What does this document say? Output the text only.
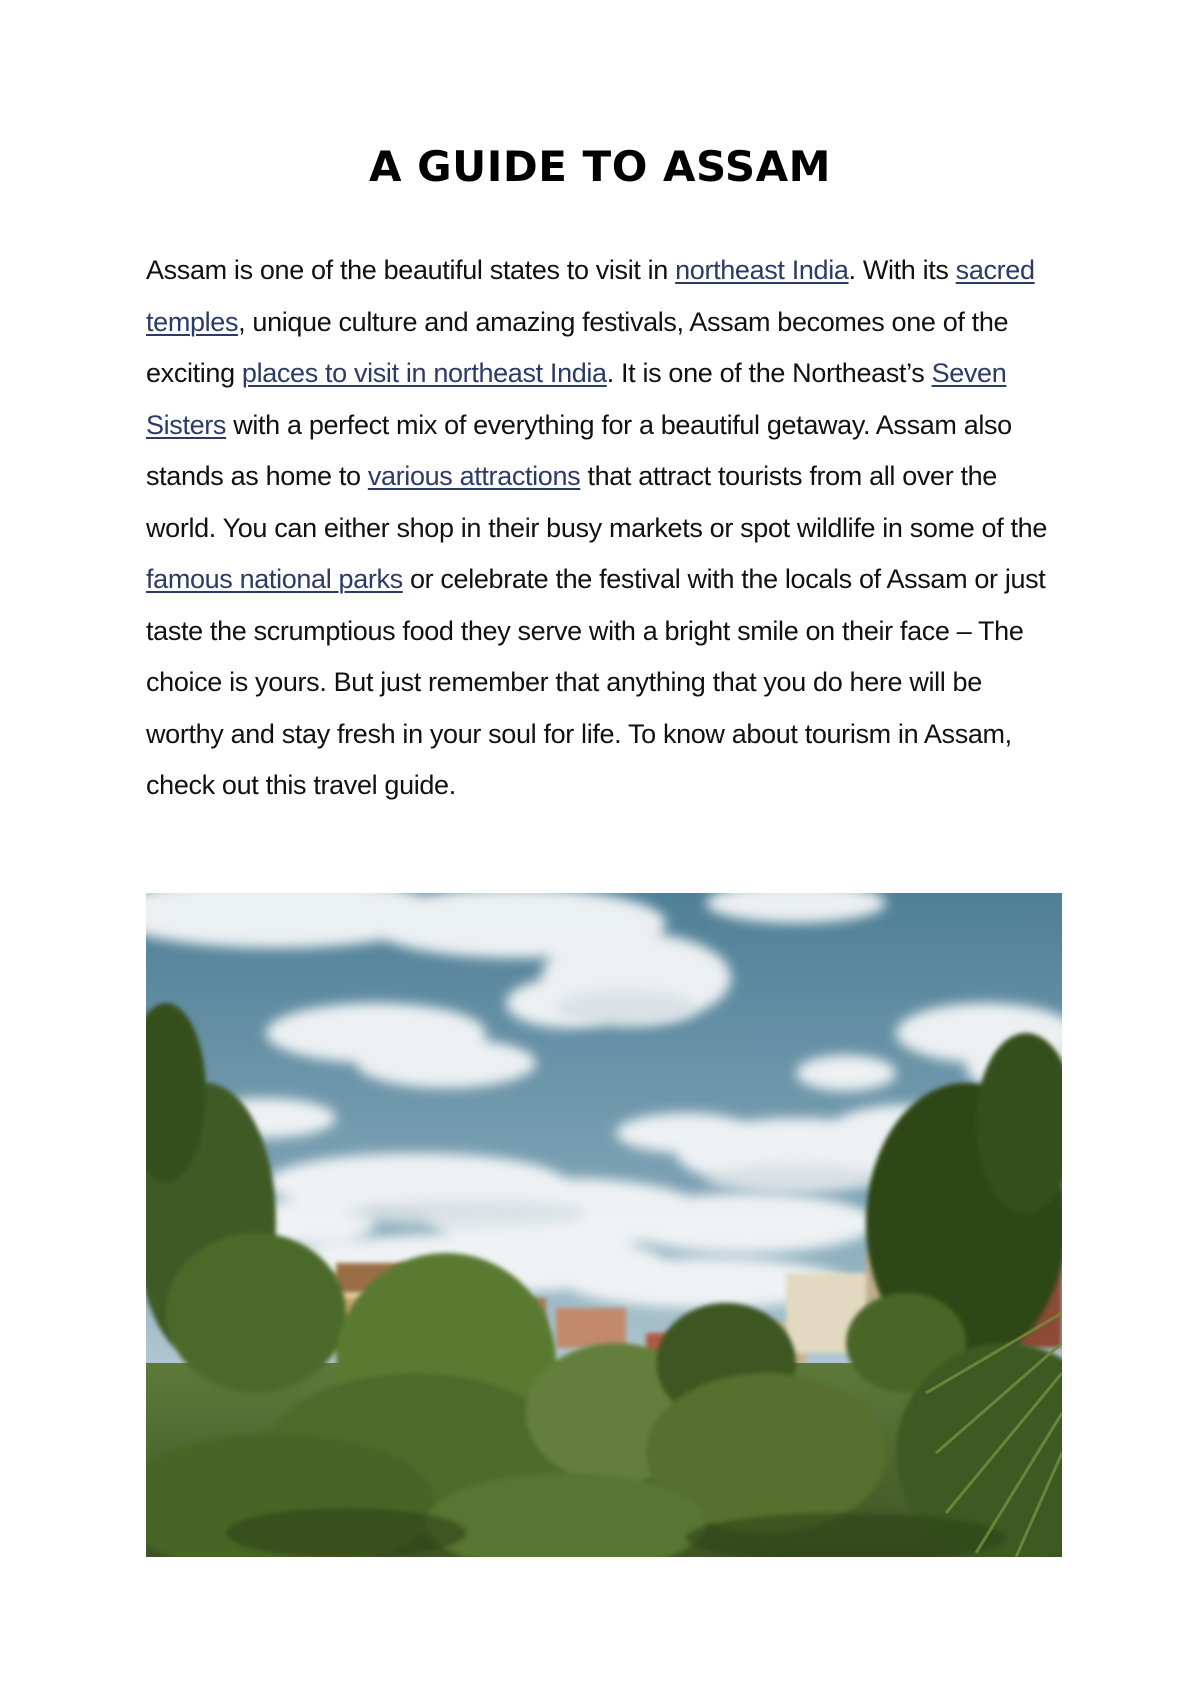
A GUIDE TO ASSAM

Assam is one of the beautiful states to visit in northeast India. With its sacred temples, unique culture and amazing festivals, Assam becomes one of the exciting places to visit in northeast India. It is one of the Northeast’s Seven Sisters with a perfect mix of everything for a beautiful getaway. Assam also stands as home to various attractions that attract tourists from all over the world. You can either shop in their busy markets or spot wildlife in some of the famous national parks or celebrate the festival with the locals of Assam or just taste the scrumptious food they serve with a bright smile on their face – The choice is yours. But just remember that anything that you do here will be worthy and stay fresh in your soul for life. To know about tourism in Assam, check out this travel guide.
